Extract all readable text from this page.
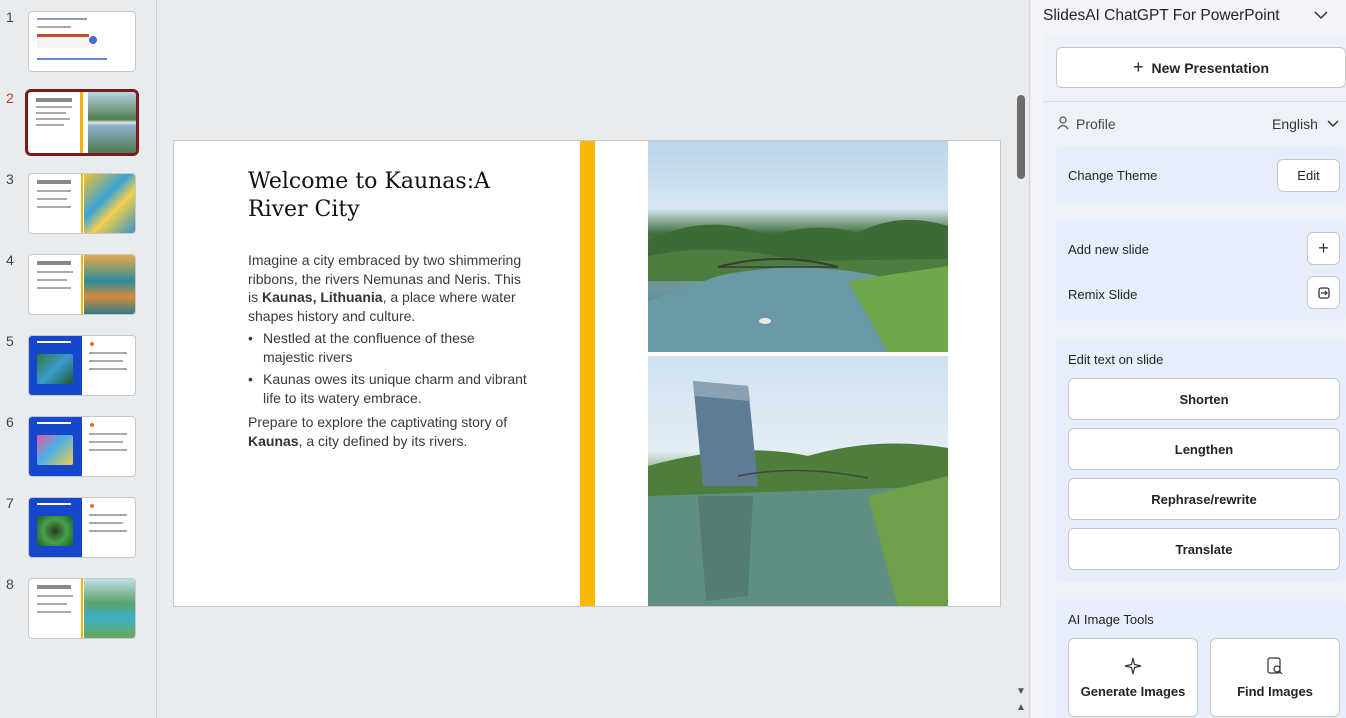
1
2
3
4
5
6
7
8
Welcome to Kaunas:A River City

Imagine a city embraced by two shimmering ribbons, the rivers Nemunas and Neris. This is Kaunas, Lithuania, a place where water shapes history and culture.

• Nestled at the confluence of these majestic rivers
• Kaunas owes its unique charm and vibrant life to its watery embrace.

Prepare to explore the captivating story of Kaunas, a city defined by its rivers.

▼
▲
SlidesAI ChatGPT For PowerPoint
+ New Presentation
Profile	English
Change Theme	Edit
Add new slide	+
Remix Slide
Edit text on slide
Shorten
Lengthen
Rephrase/rewrite
Translate
AI Image Tools
Generate Images	Find Images
